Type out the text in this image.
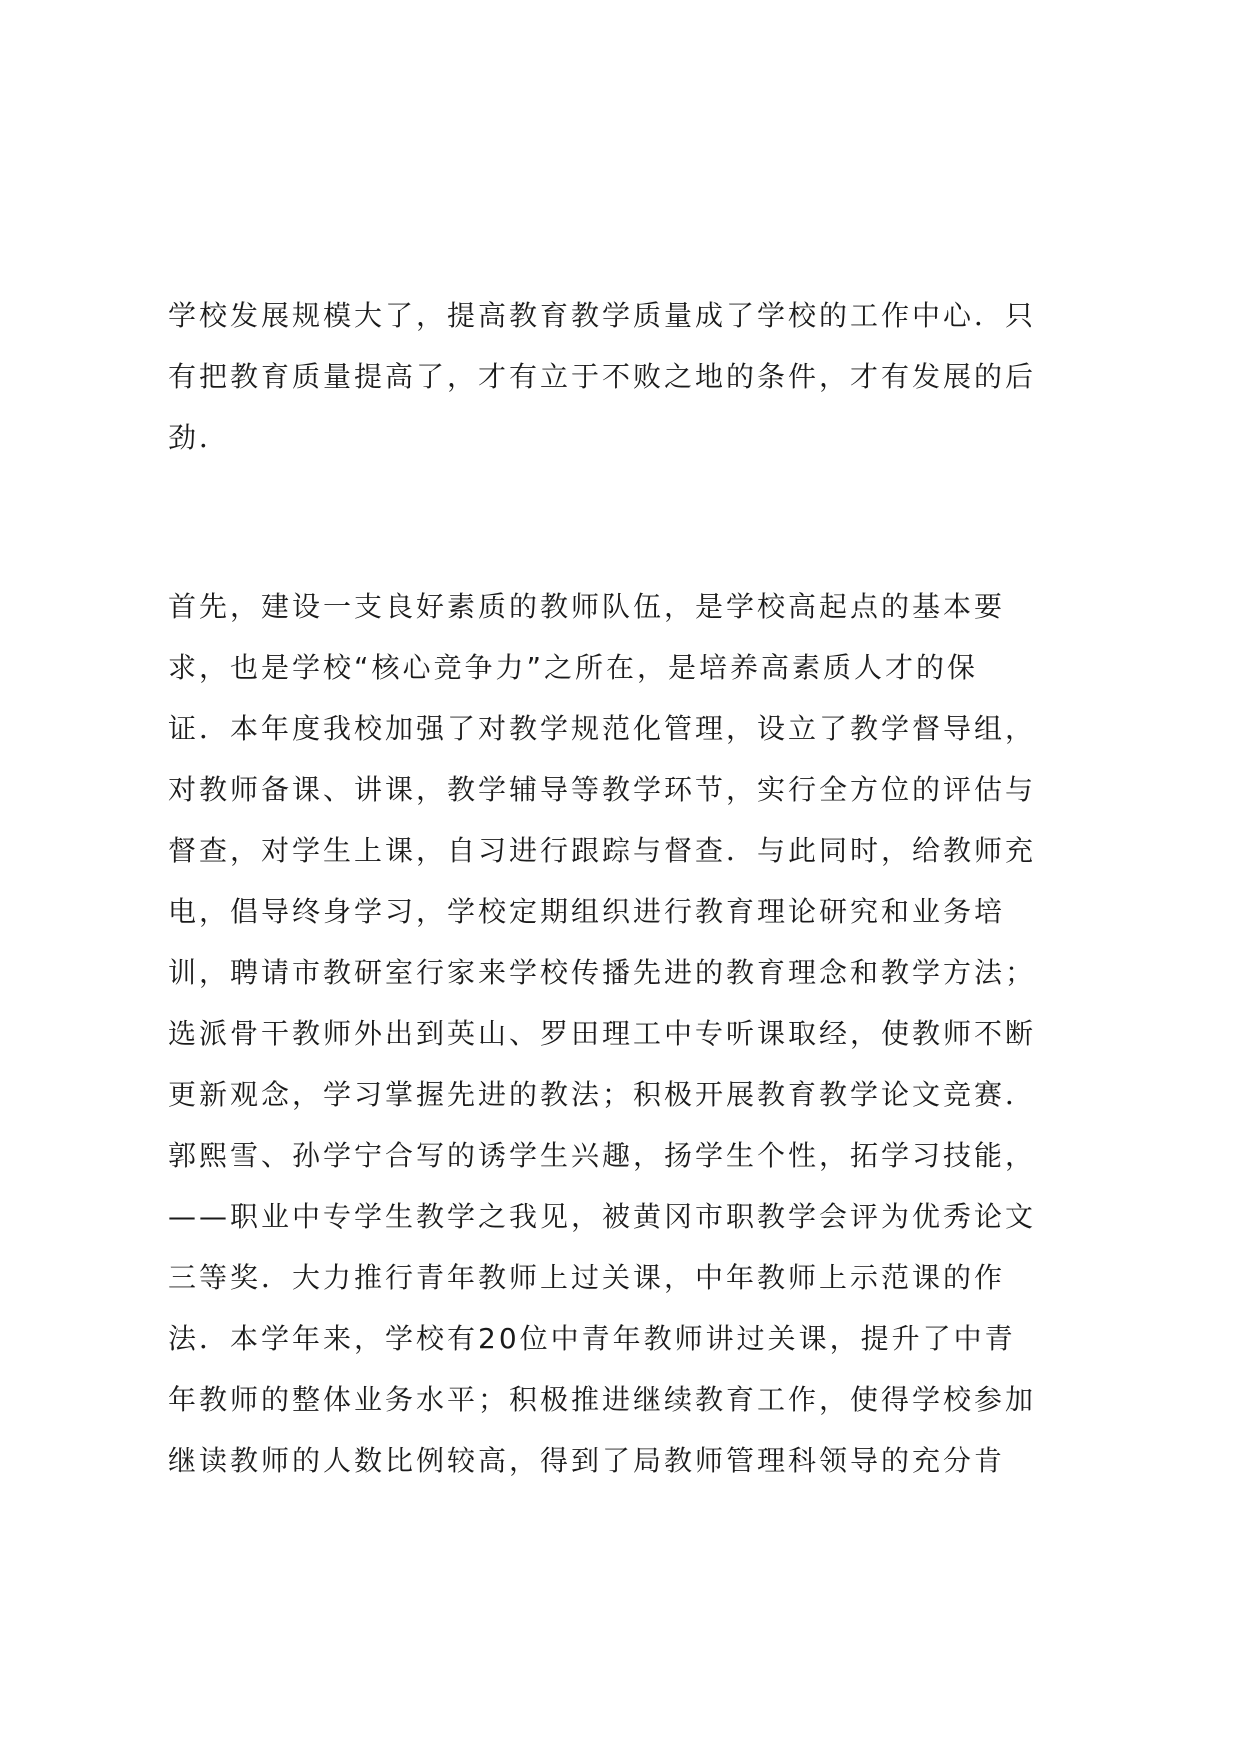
学校发展规模大了，提高教育教学质量成了学校的工作中心．只
有把教育质量提高了，才有立于不败之地的条件，才有发展的后
劲．
首先，建设一支良好素质的教师队伍，是学校高起点的基本要
求，也是学校“核心竞争力”之所在，是培养高素质人才的保
证．本年度我校加强了对教学规范化管理，设立了教学督导组，
对教师备课、讲课，教学辅导等教学环节，实行全方位的评估与
督查，对学生上课，自习进行跟踪与督查．与此同时，给教师充
电，倡导终身学习，学校定期组织进行教育理论研究和业务培
训，聘请市教研室行家来学校传播先进的教育理念和教学方法；
选派骨干教师外出到英山、罗田理工中专听课取经，使教师不断
更新观念，学习掌握先进的教法；积极开展教育教学论文竞赛．
郭熙雪、孙学宁合写的诱学生兴趣，扬学生个性，拓学习技能，
——职业中专学生教学之我见，被黄冈市职教学会评为优秀论文
三等奖．大力推行青年教师上过关课，中年教师上示范课的作
法．本学年来，学校有20位中青年教师讲过关课，提升了中青
年教师的整体业务水平；积极推进继续教育工作，使得学校参加
继读教师的人数比例较高，得到了局教师管理科领导的充分肯
